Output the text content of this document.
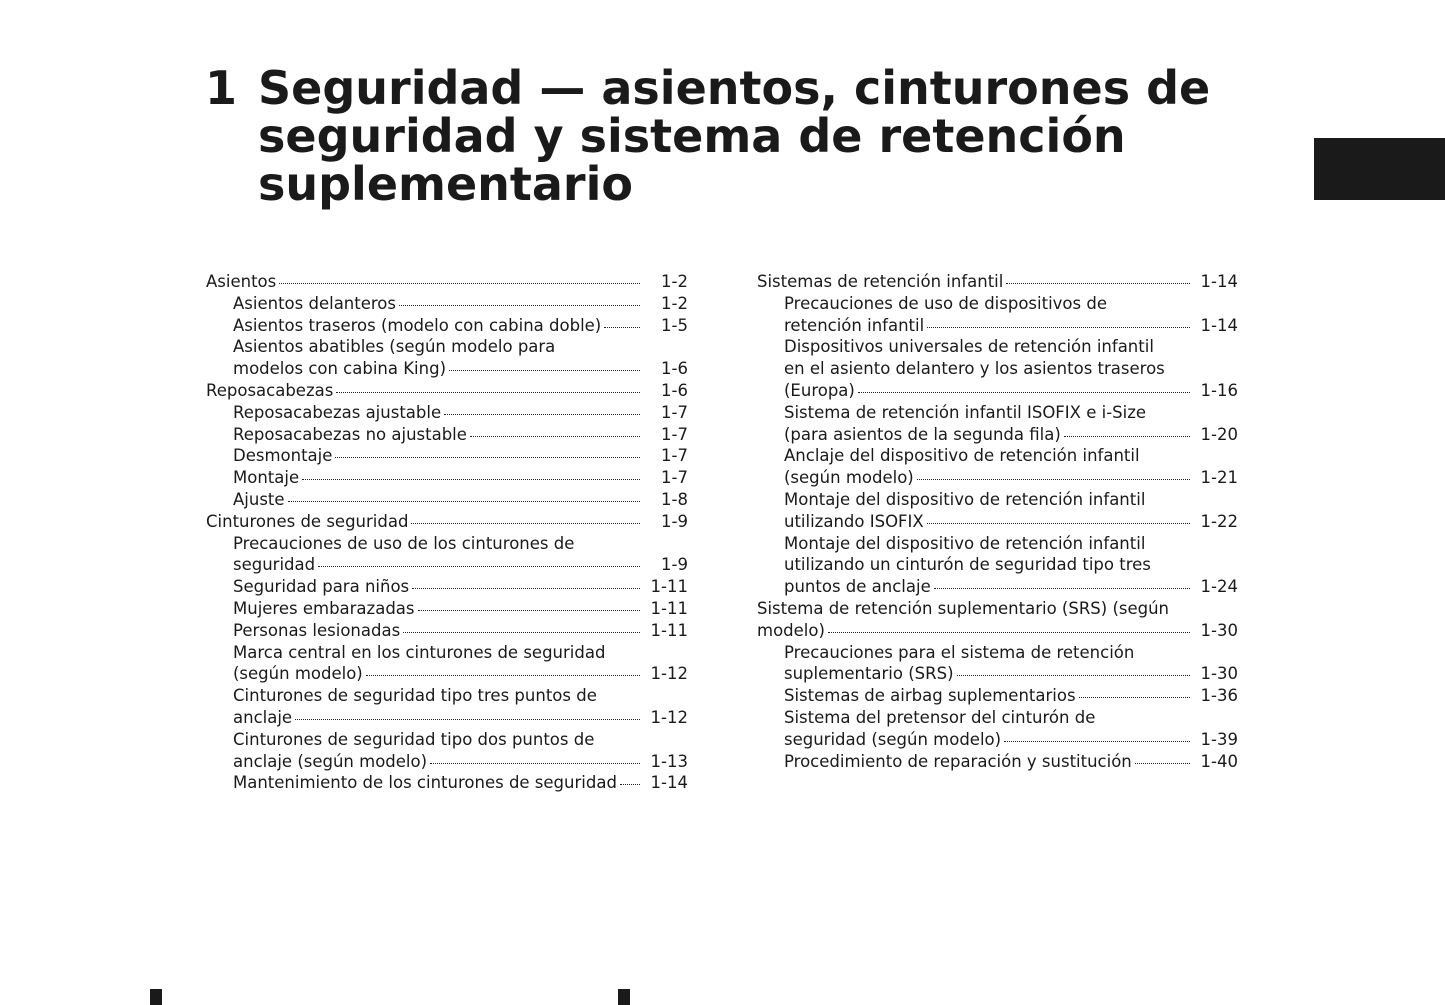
1 Seguridad — asientos, cinturones de
seguridad y sistema de retención
suplementario
Asientos	1-2
Asientos delanteros	1-2
Asientos traseros (modelo con cabina doble)	1-5
Asientos abatibles (según modelo para
modelos con cabina King)	1-6
Reposacabezas	1-6
Reposacabezas ajustable	1-7
Reposacabezas no ajustable	1-7
Desmontaje	1-7
Montaje	1-7
Ajuste	1-8
Cinturones de seguridad	1-9
Precauciones de uso de los cinturones de
seguridad	1-9
Seguridad para niños	1-11
Mujeres embarazadas	1-11
Personas lesionadas	1-11
Marca central en los cinturones de seguridad
(según modelo)	1-12
Cinturones de seguridad tipo tres puntos de
anclaje	1-12
Cinturones de seguridad tipo dos puntos de
anclaje (según modelo)	1-13
Mantenimiento de los cinturones de seguridad	1-14
Sistemas de retención infantil	1-14
Precauciones de uso de dispositivos de
retención infantil	1-14
Dispositivos universales de retención infantil
en el asiento delantero y los asientos traseros
(Europa)	1-16
Sistema de retención infantil ISOFIX e i-Size
(para asientos de la segunda fila)	1-20
Anclaje del dispositivo de retención infantil
(según modelo)	1-21
Montaje del dispositivo de retención infantil
utilizando ISOFIX	1-22
Montaje del dispositivo de retención infantil
utilizando un cinturón de seguridad tipo tres
puntos de anclaje	1-24
Sistema de retención suplementario (SRS) (según
modelo)	1-30
Precauciones para el sistema de retención
suplementario (SRS)	1-30
Sistemas de airbag suplementarios	1-36
Sistema del pretensor del cinturón de
seguridad (según modelo)	1-39
Procedimiento de reparación y sustitución	1-40
